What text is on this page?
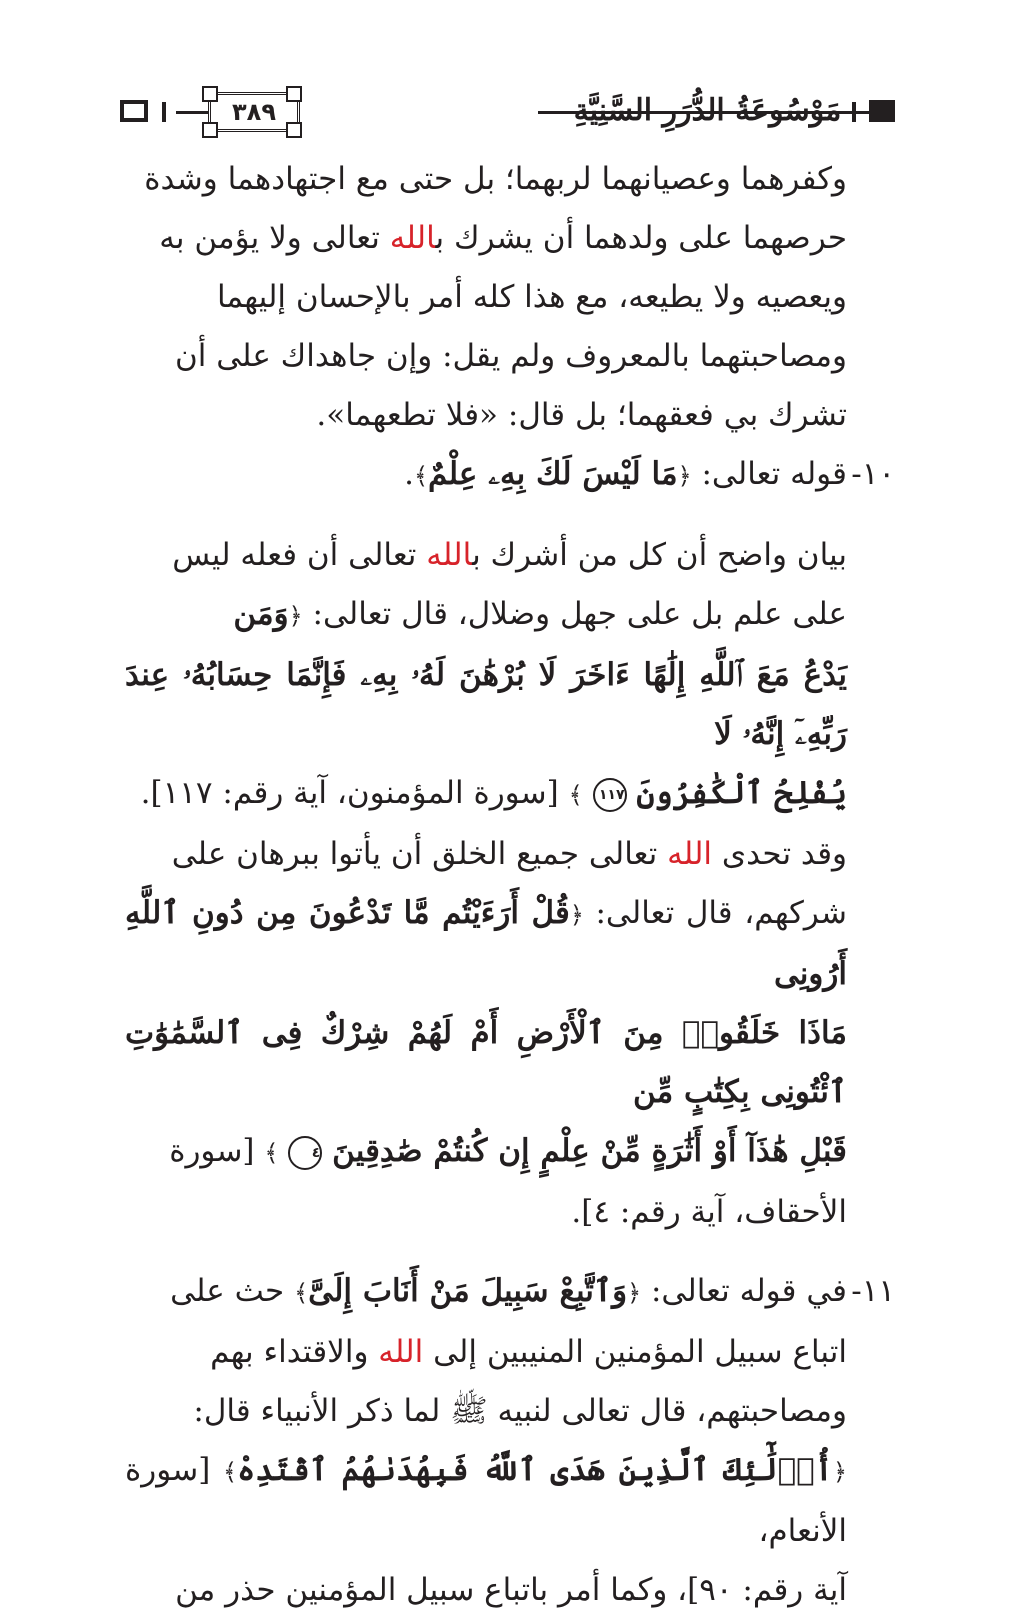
٣٨٩	مَوْسُوعَةُ الدُّرَرِ السَّنِيَّةِ

وكفرهما وعصيانهما لربهما؛ بل حتى مع اجتهادهما وشدة

حرصهما على ولدهما أن يشرك بالله تعالى ولا يؤمن به

ويعصيه ولا يطيعه، مع هذا كله أمر بالإحسان إليهما

ومصاحبتهما بالمعروف ولم يقل: وإن جاهداك على أن

تشرك بي فعقهما؛ بل قال: «فلا تطعهما».

١٠-

قوله تعالى: ﴿مَا لَيْسَ لَكَ بِهِۦ عِلْمٌ﴾.

بيان واضح أن كل من أشرك بالله تعالى أن فعله ليس

على علم بل على جهل وضلال، قال تعالى: ﴿وَمَن

يَدْعُ مَعَ ٱللَّهِ إِلَٰهًا ءَاخَرَ لَا بُرْهَٰنَ لَهُۥ بِهِۦ فَإِنَّمَا حِسَابُهُۥ عِندَ رَبِّهِۦٓ إِنَّهُۥ لَا

يُفْلِحُ ٱلْكَٰفِرُونَ ١١٧ ﴾ [سورة المؤمنون، آية رقم: ١١٧].

وقد تحدى الله تعالى جميع الخلق أن يأتوا ببرهان على

شركهم، قال تعالى: ﴿قُلْ أَرَءَيْتُم مَّا تَدْعُونَ مِن دُونِ ٱللَّهِ أَرُونِى

مَاذَا خَلَقُوا۟ مِنَ ٱلْأَرْضِ أَمْ لَهُمْ شِرْكٌ فِى ٱلسَّمَٰوَٰتِ ٱئْتُونِى بِكِتَٰبٍ مِّن

قَبْلِ هَٰذَآ أَوْ أَثَٰرَةٍ مِّنْ عِلْمٍ إِن كُنتُمْ صَٰدِقِينَ ٤ ﴾ [سورة

الأحقاف، آية رقم: ٤].

١١-

في قوله تعالى: ﴿وَٱتَّبِعْ سَبِيلَ مَنْ أَنَابَ إِلَىَّ﴾ حث على

اتباع سبيل المؤمنين المنيبين إلى الله والاقتداء بهم

ومصاحبتهم، قال تعالى لنبيه ﷺ لما ذكر الأنبياء قال:

﴿أُو۟لَٰٓئِكَ ٱلَّذِينَ هَدَى ٱللَّهُ فَبِهُدَىٰهُمُ ٱقْتَدِهْ﴾ [سورة الأنعام،

آية رقم: ٩٠]، وكما أمر باتباع سبيل المؤمنين حذر من
